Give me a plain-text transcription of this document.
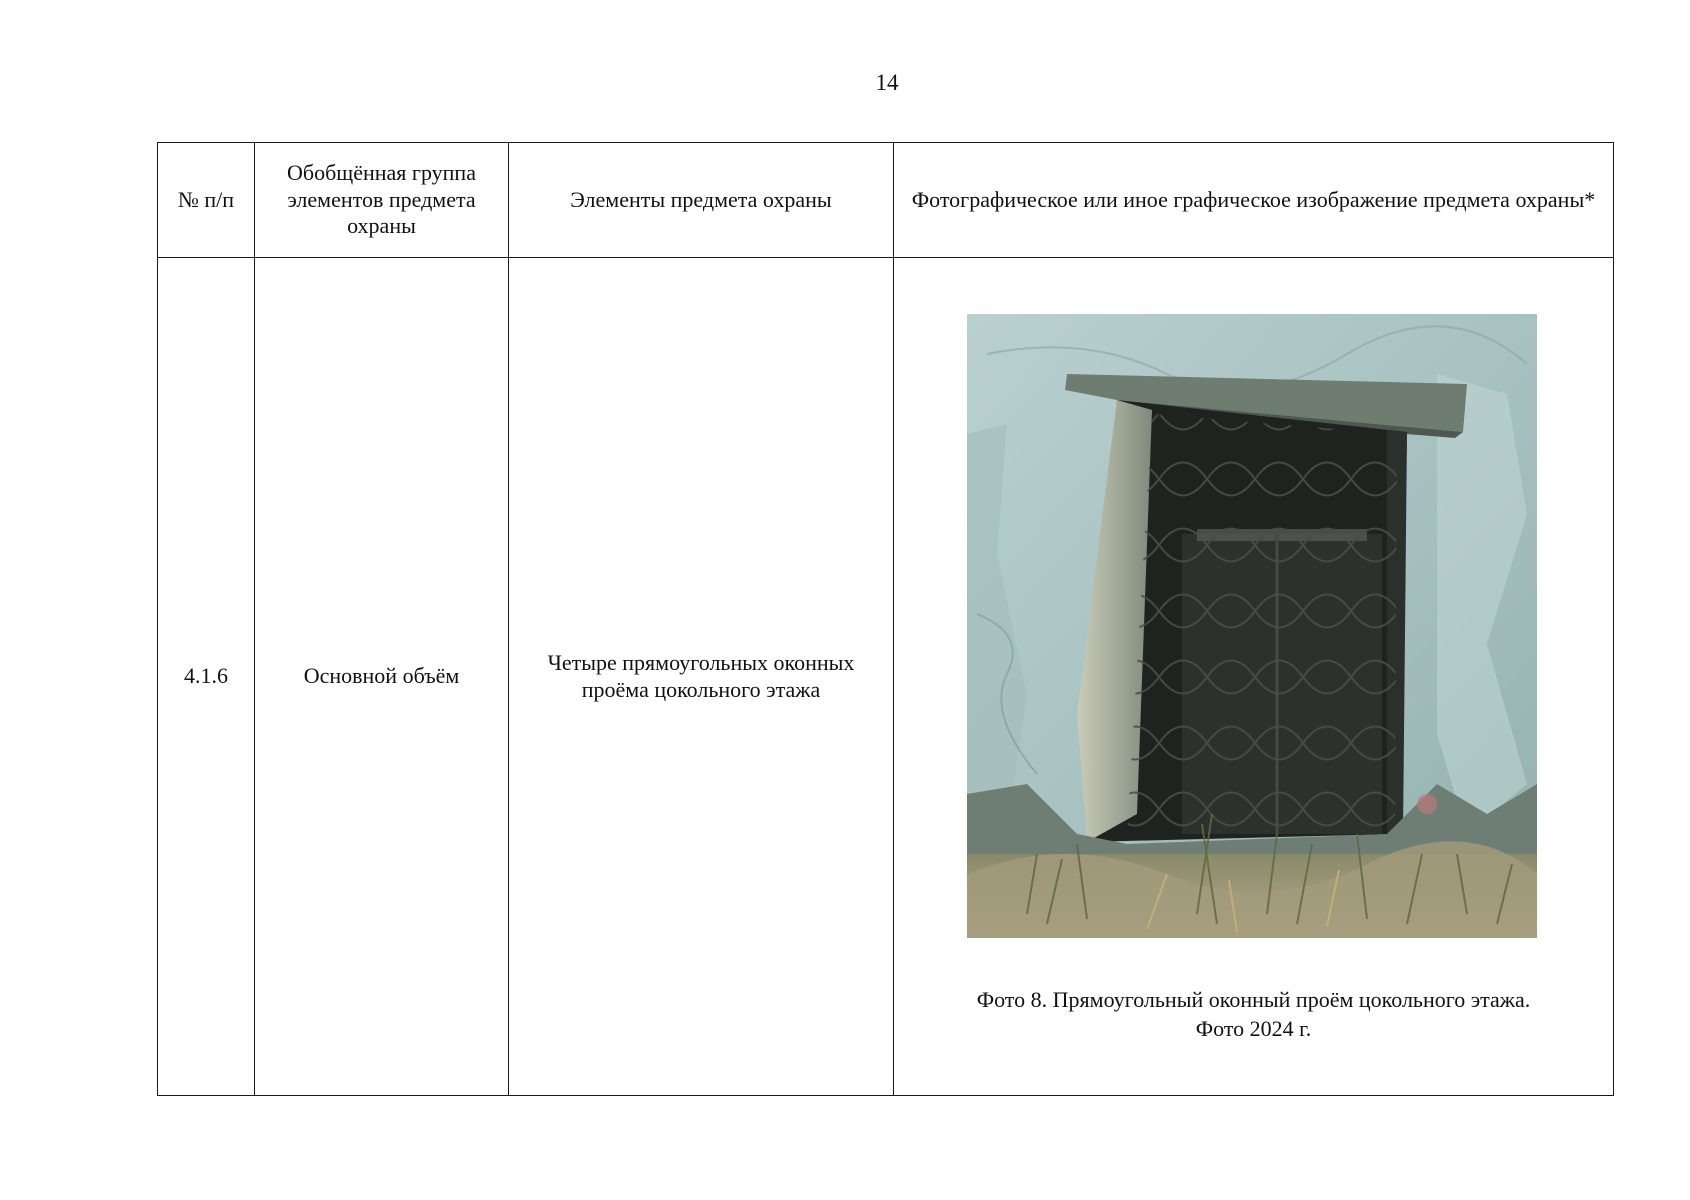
14
№ п/п	Обобщённая группа элементов предмета охраны	Элементы предмета охраны	Фотографическое или иное графическое изображение предмета охраны*
4.1.6	Основной объём	Четыре прямоугольных оконных проёма цокольного этажа	Фото 8. Прямоугольный оконный проём цокольного этажа.
Фото 2024 г.
